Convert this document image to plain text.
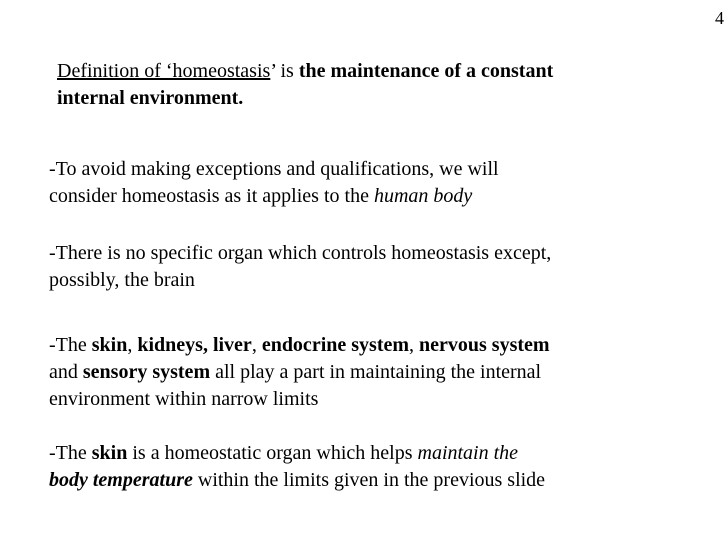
4

Definition of ‘homeostasis’ is the maintenance of a constant
internal environment.

-To avoid making exceptions and qualifications, we will
consider homeostasis as it applies to the human body

-There is no specific organ which controls homeostasis except,
possibly, the brain

-The skin, kidneys, liver, endocrine system, nervous system
and sensory system all play a part in maintaining the internal
environment within narrow limits

-The skin is a homeostatic organ which helps maintain the
body temperature within the limits given in the previous slide
